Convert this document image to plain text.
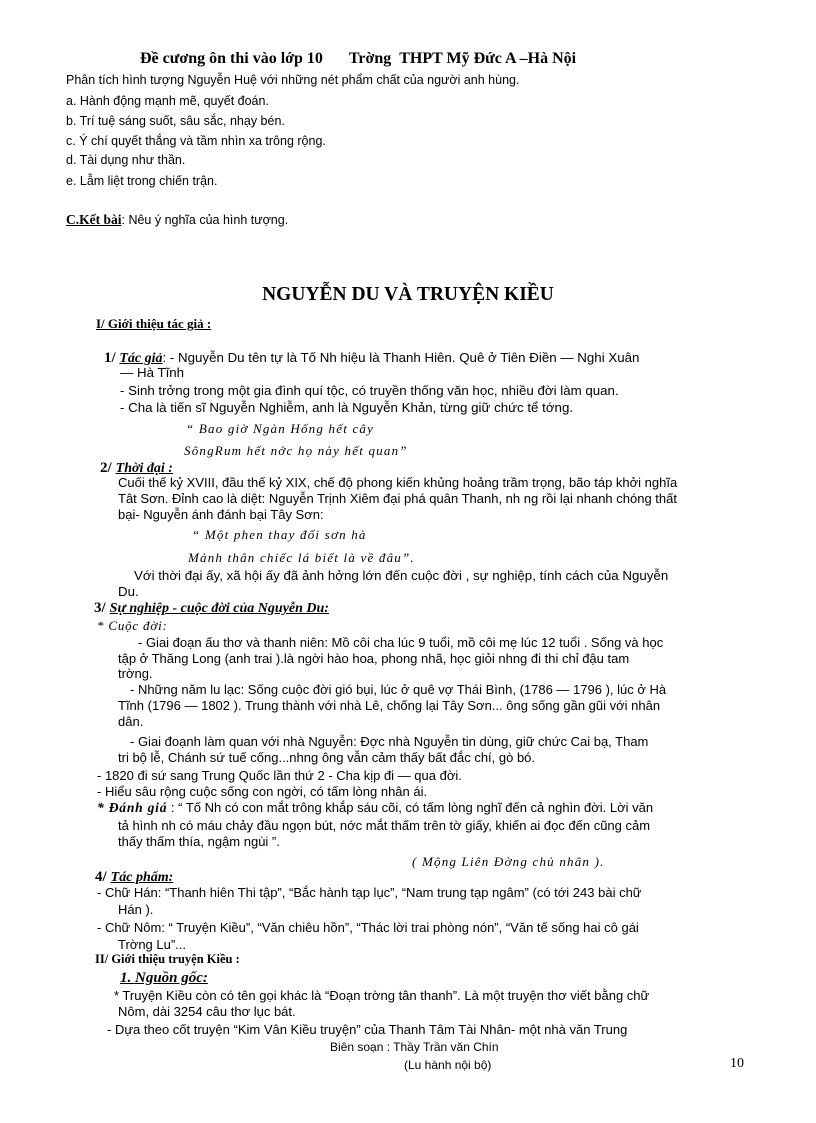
Đề cương ôn thi vào lớp 10 Trờng THPT Mỹ Đức A –Hà Nội
Phân tích hình tượng Nguyễn Huệ với những nét phẩm chất của người anh hùng.
a. Hành động mạnh mẽ, quyết đoán.
b. Trí tuệ sáng suốt, sâu sắc, nhạy bén.
c. Ý chí quyết thắng và tầm nhìn xa trông rộng.
d. Tài dụng như thần.
e. Lẫm liệt trong chiến trận.
C.Kết bài: Nêu ý nghĩa của hình tượng.
NGUYỄN DU VÀ TRUYỆN KIỀU
I/ Giới thiệu tác giả :
1/ Tác giả: - Nguyễn Du tên tự là Tố Nh hiệu là Thanh Hiên. Quê ở Tiên Điền — Nghi Xuân
— Hà Tĩnh
- Sinh trởng trong một gia đình quí tộc, có truyền thống văn học, nhiều đời làm quan.
- Cha là tiến sĩ Nguyễn Nghiễm, anh là Nguyễn Khản, từng giữ chức tể tớng.
“ Bao giờ Ngàn Hống hết cây
SôngRum hết nớc họ này hết quan”
2/ Thời đại :
Cuối thế kỷ XVIII, đầu thế kỷ XIX, chế độ phong kiến khủng hoảng trầm trọng, bão táp khởi nghĩa
Tât Sơn. Đỉnh cao là diệt: Nguyễn Trịnh Xiêm đại phá quân Thanh, nh ng rồi lại nhanh chóng thất
bại- Nguyễn ánh đánh bại Tây Sơn:
“ Một phen thay đổi sơn hà
Mảnh thân chiếc lá biết là về đâu”.
Với thời đại ấy, xã hội ấy đã ảnh hởng lớn đến cuộc đời , sự nghiệp, tính cách của Nguyễn
Du.
3/ Sự nghiệp - cuộc đời của Nguyễn Du:
* Cuộc đời:
- Giai đoạn ấu thơ và thanh niên: Mồ côi cha lúc 9 tuổi, mồ côi mẹ lúc 12 tuổi . Sống và học
tập ở Thăng Long (anh trai ).là ngời hào hoa, phong nhã, học giỏi nhng đi thi chỉ đậu tam
trờng.
- Những năm lu lạc: Sống cuộc đời gió bụi, lúc ở quê vợ Thái Bình, (1786 — 1796 ), lúc ở Hà
Tĩnh (1796 — 1802 ). Trung thành với nhà Lê, chống lại Tây Sơn... ông sống gần gũi với nhân
dân.
- Giai đoạnh làm quan với nhà Nguyễn: Đợc nhà Nguyễn tin dùng, giữ chức Cai bạ, Tham
tri bộ lễ, Chánh sứ tuế cống...nhng ông vẫn cảm thấy bất đắc chí, gò bó.
- 1820 đi sứ sang Trung Quốc lần thứ 2 - Cha kịp đi — qua đời.
- Hiểu sâu rộng cuộc sống con ngời, có tấm lòng nhân ái.
* Đánh giá : “ Tố Nh có con mắt trông khắp sáu cõi, có tấm lòng nghĩ đến cả nghìn đời. Lời văn
tả hình nh có máu chảy đầu ngọn bút, nớc mắt thấm trên tờ giấy, khiến ai đọc đến cũng cảm
thấy thấm thía, ngậm ngùi ”.
( Mộng Liên Đờng chủ nhân ).
4/ Tác phẩm:
- Chữ Hán: “Thanh hiên Thi tập”, “Bắc hành tạp lục”, “Nam trung tạp ngâm” (có tới 243 bài chữ
Hán ).
- Chữ Nôm: “ Truyện Kiều”, “Văn chiêu hồn”, “Thác lời trai phòng nón”, “Văn tế sống hai cô gái
Trờng Lu”...
II/ Giới thiệu truyện Kiều :
1. Nguồn gốc:
* Truyện Kiều còn có tên gọi khác là “Đoạn trờng tân thanh”. Là một truyện thơ viết bằng chữ
Nôm, dài 3254 câu thơ lục bát.
- Dựa theo cốt truyện “Kim Vân Kiều truyện” của Thanh Tâm Tài Nhân- một nhà văn Trung
Biên soạn : Thầy Trần văn Chín
(Lu hành nội bộ)	10
